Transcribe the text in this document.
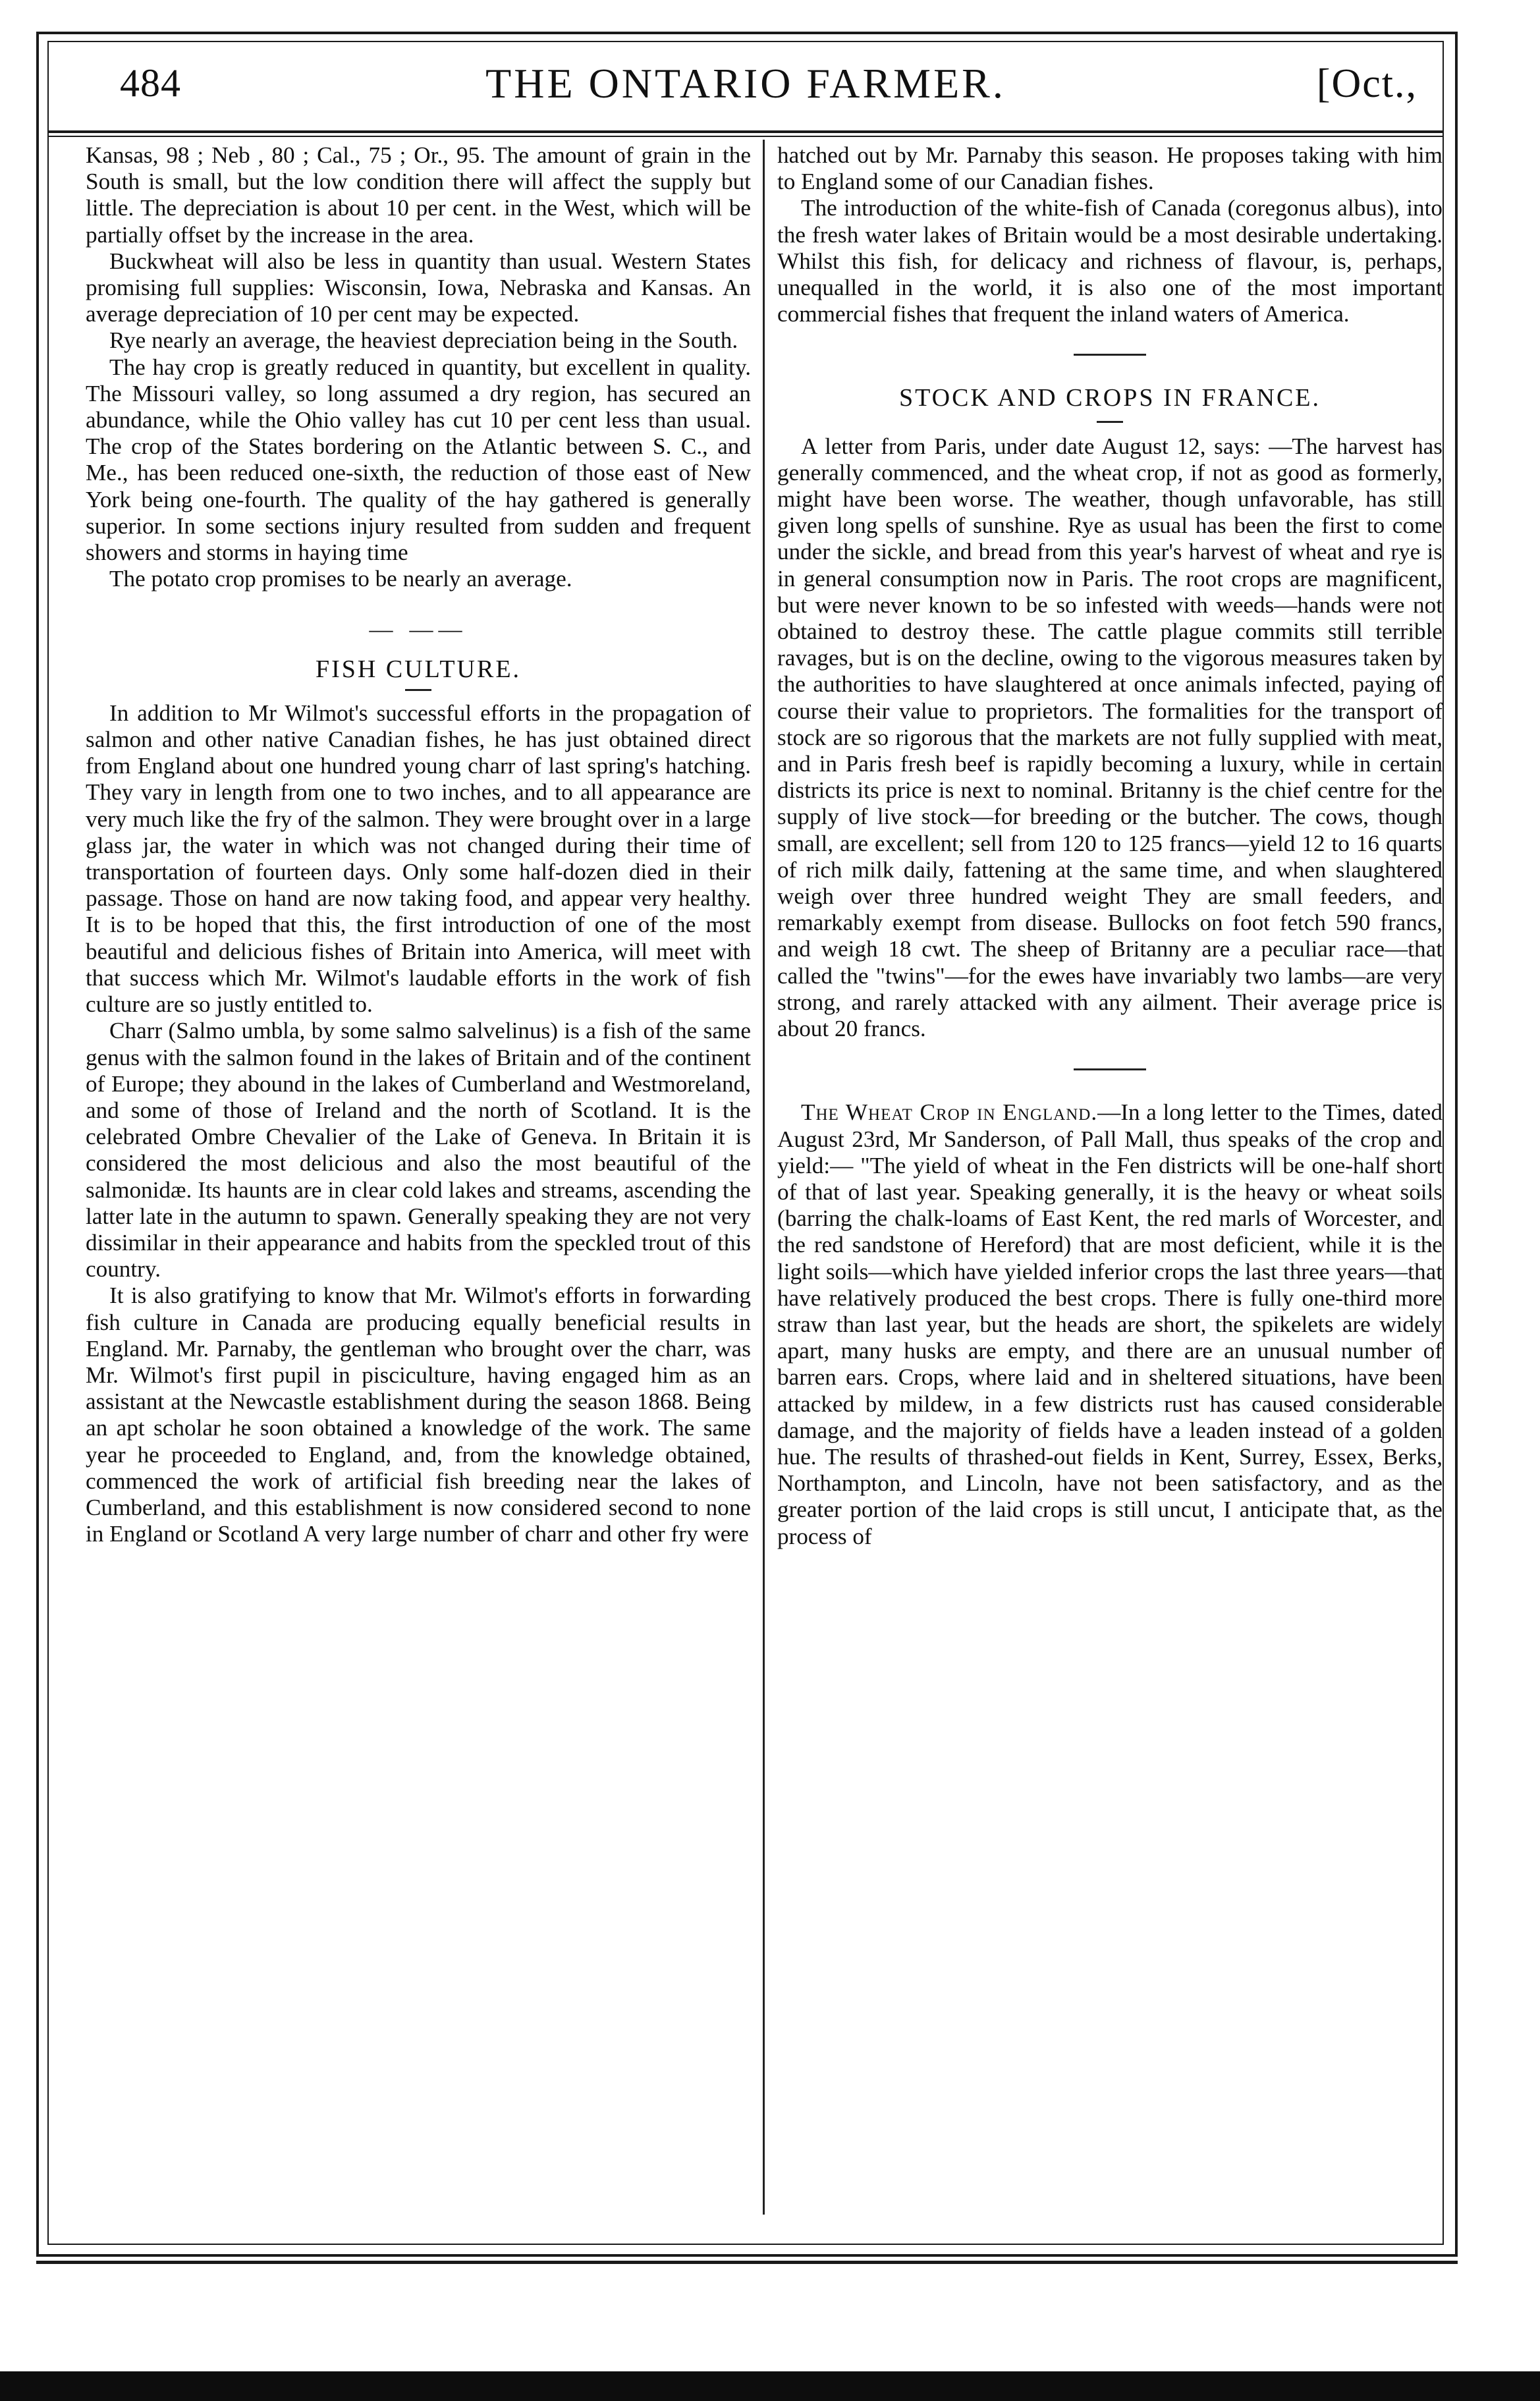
484	THE ONTARIO FARMER.	[Oct.,

Kansas, 98 ; Neb , 80 ; Cal., 75 ; Or., 95. The amount of grain in the South is small, but the low condition there will affect the supply but little. The depreciation is about 10 per cent. in the West, which will be partially offset by the increase in the area.

Buckwheat will also be less in quantity than usual. Western States promising full supplies: Wisconsin, Iowa, Nebraska and Kansas. An average depreciation of 10 per cent may be expected.

Rye nearly an average, the heaviest depreciation being in the South.

The hay crop is greatly reduced in quantity, but excellent in quality. The Missouri valley, so long assumed a dry region, has secured an abundance, while the Ohio valley has cut 10 per cent less than usual. The crop of the States bordering on the Atlantic between S. C., and Me., has been reduced one-sixth, the reduction of those east of New York being one-fourth. The quality of the hay gathered is generally superior. In some sections injury resulted from sudden and frequent showers and storms in haying time

The potato crop promises to be nearly an average.

— ——
FISH CULTURE.

In addition to Mr Wilmot's successful efforts in the propagation of salmon and other native Canadian fishes, he has just obtained direct from England about one hundred young charr of last spring's hatching. They vary in length from one to two inches, and to all appearance are very much like the fry of the salmon. They were brought over in a large glass jar, the water in which was not changed during their time of transportation of fourteen days. Only some half-dozen died in their passage. Those on hand are now taking food, and appear very healthy. It is to be hoped that this, the first introduction of one of the most beautiful and delicious fishes of Britain into America, will meet with that success which Mr. Wilmot's laudable efforts in the work of fish culture are so justly entitled to.

Charr (Salmo umbla, by some salmo salvelinus) is a fish of the same genus with the salmon found in the lakes of Britain and of the continent of Europe; they abound in the lakes of Cumberland and Westmoreland, and some of those of Ireland and the north of Scotland. It is the celebrated Ombre Chevalier of the Lake of Geneva. In Britain it is considered the most delicious and also the most beautiful of the salmonidæ. Its haunts are in clear cold lakes and streams, ascending the latter late in the autumn to spawn. Generally speaking they are not very dissimilar in their appearance and habits from the speckled trout of this country.

It is also gratifying to know that Mr. Wilmot's efforts in forwarding fish culture in Canada are producing equally beneficial results in England. Mr. Parnaby, the gentleman who brought over the charr, was Mr. Wilmot's first pupil in pisciculture, having engaged him as an assistant at the Newcastle establishment during the season 1868. Being an apt scholar he soon obtained a knowledge of the work. The same year he proceeded to England, and, from the knowledge obtained, commenced the work of artificial fish breeding near the lakes of Cumberland, and this establishment is now considered second to none in England or Scotland A very large number of charr and other fry were

hatched out by Mr. Parnaby this season. He proposes taking with him to England some of our Canadian fishes.

The introduction of the white-fish of Canada (coregonus albus), into the fresh water lakes of Britain would be a most desirable undertaking. Whilst this fish, for delicacy and richness of flavour, is, perhaps, unequalled in the world, it is also one of the most important commercial fishes that frequent the inland waters of America.

STOCK AND CROPS IN FRANCE.

A letter from Paris, under date August 12, says: —The harvest has generally commenced, and the wheat crop, if not as good as formerly, might have been worse. The weather, though unfavorable, has still given long spells of sunshine. Rye as usual has been the first to come under the sickle, and bread from this year's harvest of wheat and rye is in general consumption now in Paris. The root crops are magnificent, but were never known to be so infested with weeds—hands were not obtained to destroy these. The cattle plague commits still terrible ravages, but is on the decline, owing to the vigorous measures taken by the authorities to have slaughtered at once animals infected, paying of course their value to proprietors. The formalities for the transport of stock are so rigorous that the markets are not fully supplied with meat, and in Paris fresh beef is rapidly becoming a luxury, while in certain districts its price is next to nominal. Britanny is the chief centre for the supply of live stock—for breeding or the butcher. The cows, though small, are excellent; sell from 120 to 125 francs—yield 12 to 16 quarts of rich milk daily, fattening at the same time, and when slaughtered weigh over three hundred weight They are small feeders, and remarkably exempt from disease. Bullocks on foot fetch 590 francs, and weigh 18 cwt. The sheep of Britanny are a peculiar race—that called the "twins"—for the ewes have invariably two lambs—are very strong, and rarely attacked with any ailment. Their average price is about 20 francs.

The Wheat Crop in England.—In a long letter to the Times, dated August 23rd, Mr Sanderson, of Pall Mall, thus speaks of the crop and yield:— "The yield of wheat in the Fen districts will be one-half short of that of last year. Speaking generally, it is the heavy or wheat soils (barring the chalk-loams of East Kent, the red marls of Worcester, and the red sandstone of Hereford) that are most deficient, while it is the light soils—which have yielded inferior crops the last three years—that have relatively produced the best crops. There is fully one-third more straw than last year, but the heads are short, the spikelets are widely apart, many husks are empty, and there are an unusual number of barren ears. Crops, where laid and in sheltered situations, have been attacked by mildew, in a few districts rust has caused considerable damage, and the majority of fields have a leaden instead of a golden hue. The results of thrashed-out fields in Kent, Surrey, Essex, Berks, Northampton, and Lincoln, have not been satisfactory, and as the greater portion of the laid crops is still uncut, I anticipate that, as the process of
